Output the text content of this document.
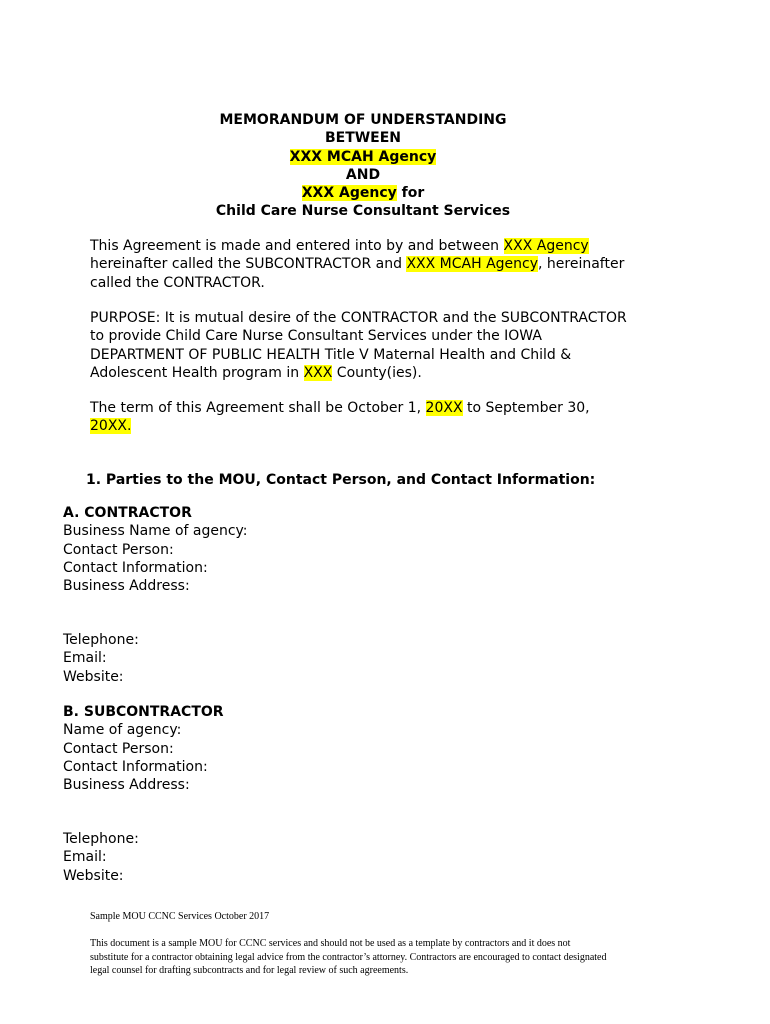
MEMORANDUM OF UNDERSTANDING
BETWEEN
XXX MCAH Agency
AND
XXX Agency for
Child Care Nurse Consultant Services
This Agreement is made and entered into by and between XXX Agency
hereinafter called the SUBCONTRACTOR and XXX MCAH Agency, hereinafter
called the CONTRACTOR.
PURPOSE: It is mutual desire of the CONTRACTOR and the SUBCONTRACTOR
to provide Child Care Nurse Consultant Services under the IOWA
DEPARTMENT OF PUBLIC HEALTH Title V Maternal Health and Child &
Adolescent Health program in XXX County(ies).
The term of this Agreement shall be October 1, 20XX to September 30,
20XX.
1. Parties to the MOU, Contact Person, and Contact Information:
A. CONTRACTOR
Business Name of agency:
Contact Person:
Contact Information:
Business Address:
Telephone:
Email:
Website:
B. SUBCONTRACTOR
Name of agency:
Contact Person:
Contact Information:
Business Address:
Telephone:
Email:
Website:
Sample MOU CCNC Services October 2017
This document is a sample MOU for CCNC services and should not be used as a template by contractors and it does not
substitute for a contractor obtaining legal advice from the contractor’s attorney. Contractors are encouraged to contact designated
legal counsel for drafting subcontracts and for legal review of such agreements.
